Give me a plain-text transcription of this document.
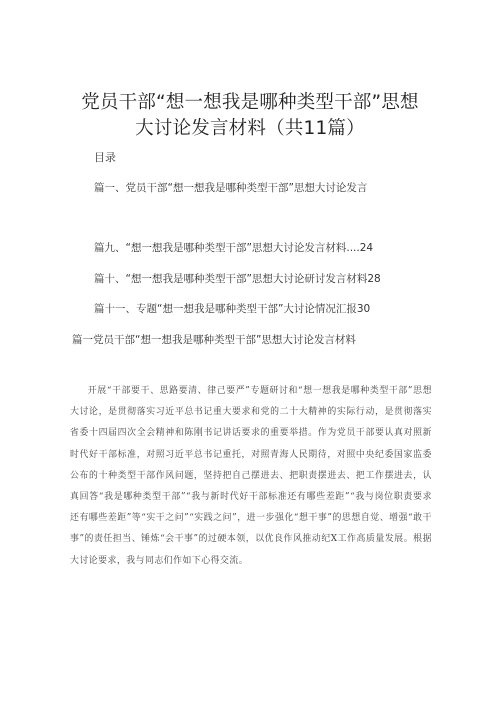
党员干部“想一想我是哪种类型干部”思想
大讨论发言材料（共11篇）
目录
篇一、党员干部“想一想我是哪种类型干部”思想大讨论发言
篇九、“想一想我是哪种类型干部”思想大讨论发言材料....24
篇十、“想一想我是哪种类型干部”思想大讨论研讨发言材料28
篇十一、专题“想一想我是哪种类型干部”大讨论情况汇报30
篇一党员干部“想一想我是哪种类型干部”思想大讨论发言材料

开展“干部要干、思路要清、律己要严”专题研讨和“想一想我是哪种类型干部”思想大讨论，是贯彻落实习近平总书记重大要求和党的二十大精神的实际行动，是贯彻落实省委十四届四次全会精神和陈刚书记讲话要求的重要举措。作为党员干部要认真对照新时代好干部标准，对照习近平总书记重托，对照青海人民期待，对照中央纪委国家监委公布的十种类型干部作风问题，坚持把自己摆进去、把职责摆进去、把工作摆进去，认真回答“我是哪种类型干部”“我与新时代好干部标准还有哪些差距”“我与岗位职责要求还有哪些差距”等“实干之问”“实践之问”，进一步强化“想干事”的思想自觉、增强“敢干事”的责任担当、锤炼“会干事”的过硬本领，以优良作风推动纪X工作高质量发展。根据大讨论要求，我与同志们作如下心得交流。
